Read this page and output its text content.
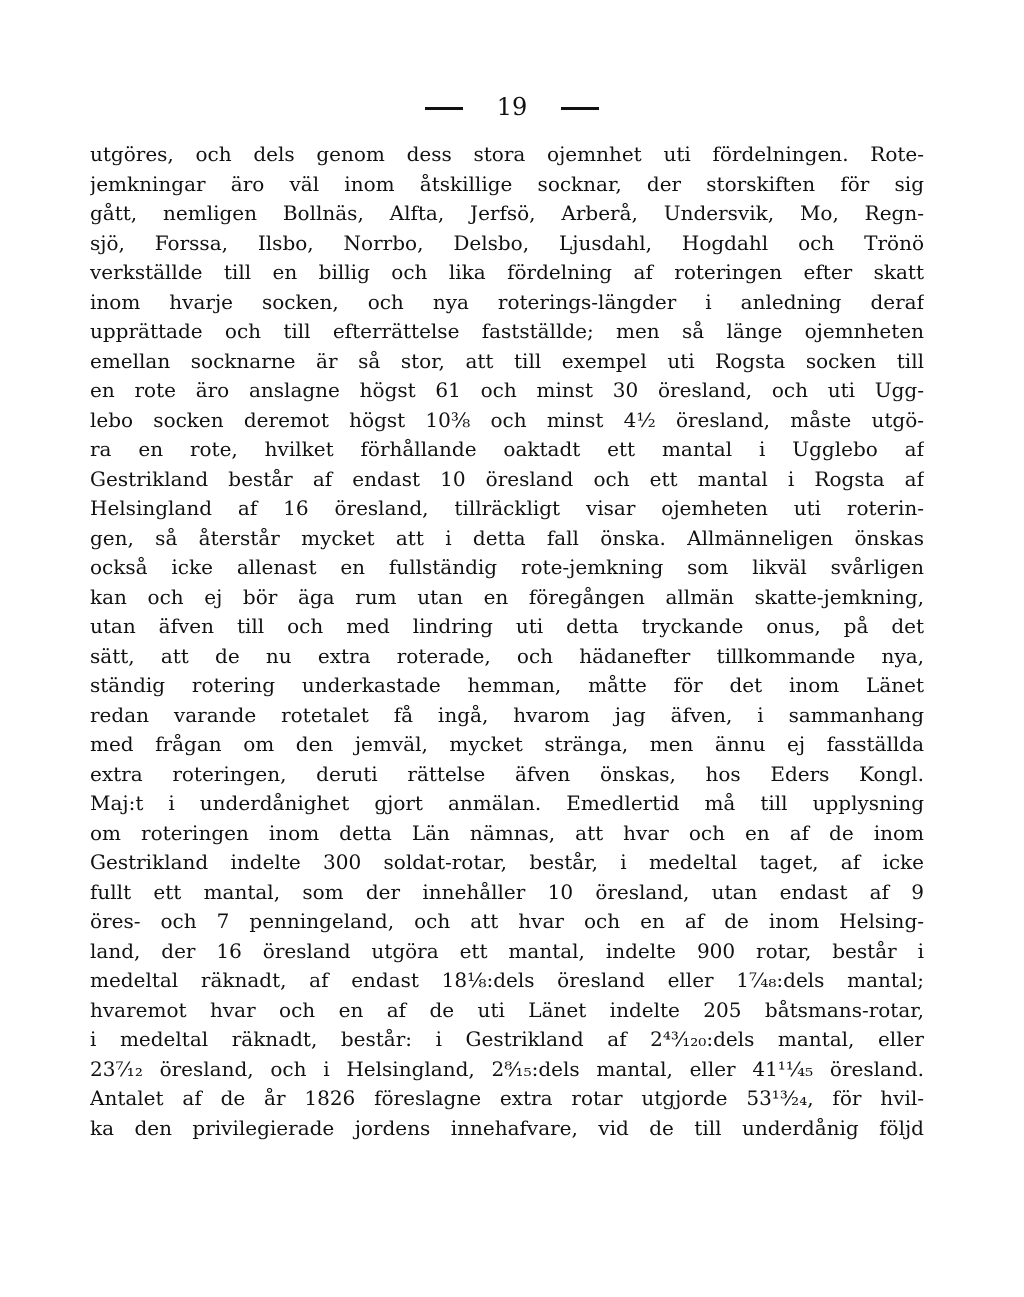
19
utgöres, och dels genom dess stora ojemnhet uti fördelningen. Rote-
jemkningar äro väl inom åtskillige socknar, der storskiften för sig
gått, nemligen Bollnäs, Alfta, Jerfsö, Arberå, Undersvik, Mo, Regn-
sjö, Forssa, Ilsbo, Norrbo, Delsbo, Ljusdahl, Hogdahl och Trönö
verkställde till en billig och lika fördelning af roteringen efter skatt
inom hvarje socken, och nya roterings-längder i anledning deraf
upprättade och till efterrättelse fastställde; men så länge ojemnheten
emellan socknarne är så stor, att till exempel uti Rogsta socken till
en rote äro anslagne högst 61 och minst 30 öresland, och uti Ugg-
lebo socken deremot högst 10⅜ och minst 4½ öresland, måste utgö-
ra en rote, hvilket förhållande oaktadt ett mantal i Ugglebo af
Gestrikland består af endast 10 öresland och ett mantal i Rogsta af
Helsingland af 16 öresland, tillräckligt visar ojemheten uti roterin-
gen, så återstår mycket att i detta fall önska. Allmänneligen önskas
också icke allenast en fullständig rote-jemkning som likväl svårligen
kan och ej bör äga rum utan en föregången allmän skatte-jemkning,
utan äfven till och med lindring uti detta tryckande onus, på det
sätt, att de nu extra roterade, och hädanefter tillkommande nya,
ständig rotering underkastade hemman, måtte för det inom Länet
redan varande rotetalet få ingå, hvarom jag äfven, i sammanhang
med frågan om den jemväl, mycket stränga, men ännu ej fasställda
extra roteringen, deruti rättelse äfven önskas, hos Eders Kongl.
Maj:t i underdånighet gjort anmälan. Emedlertid må till upplysning
om roteringen inom detta Län nämnas, att hvar och en af de inom
Gestrikland indelte 300 soldat-rotar, består, i medeltal taget, af icke
fullt ett mantal, som der innehåller 10 öresland, utan endast af 9
öres- och 7 penningeland, och att hvar och en af de inom Helsing-
land, der 16 öresland utgöra ett mantal, indelte 900 rotar, består i
medeltal räknadt, af endast 18⅛:dels öresland eller 1⁷⁄₄₈:dels mantal;
hvaremot hvar och en af de uti Länet indelte 205 båtsmans-rotar,
i medeltal räknadt, består: i Gestrikland af 2⁴³⁄₁₂₀:dels mantal, eller
23⁷⁄₁₂ öresland, och i Helsingland, 2⁸⁄₁₅:dels mantal, eller 41¹¹⁄₄₅ öresland.
Antalet af de år 1826 föreslagne extra rotar utgjorde 53¹³⁄₂₄, för hvil-
ka den privilegierade jordens innehafvare, vid de till underdånig följd
